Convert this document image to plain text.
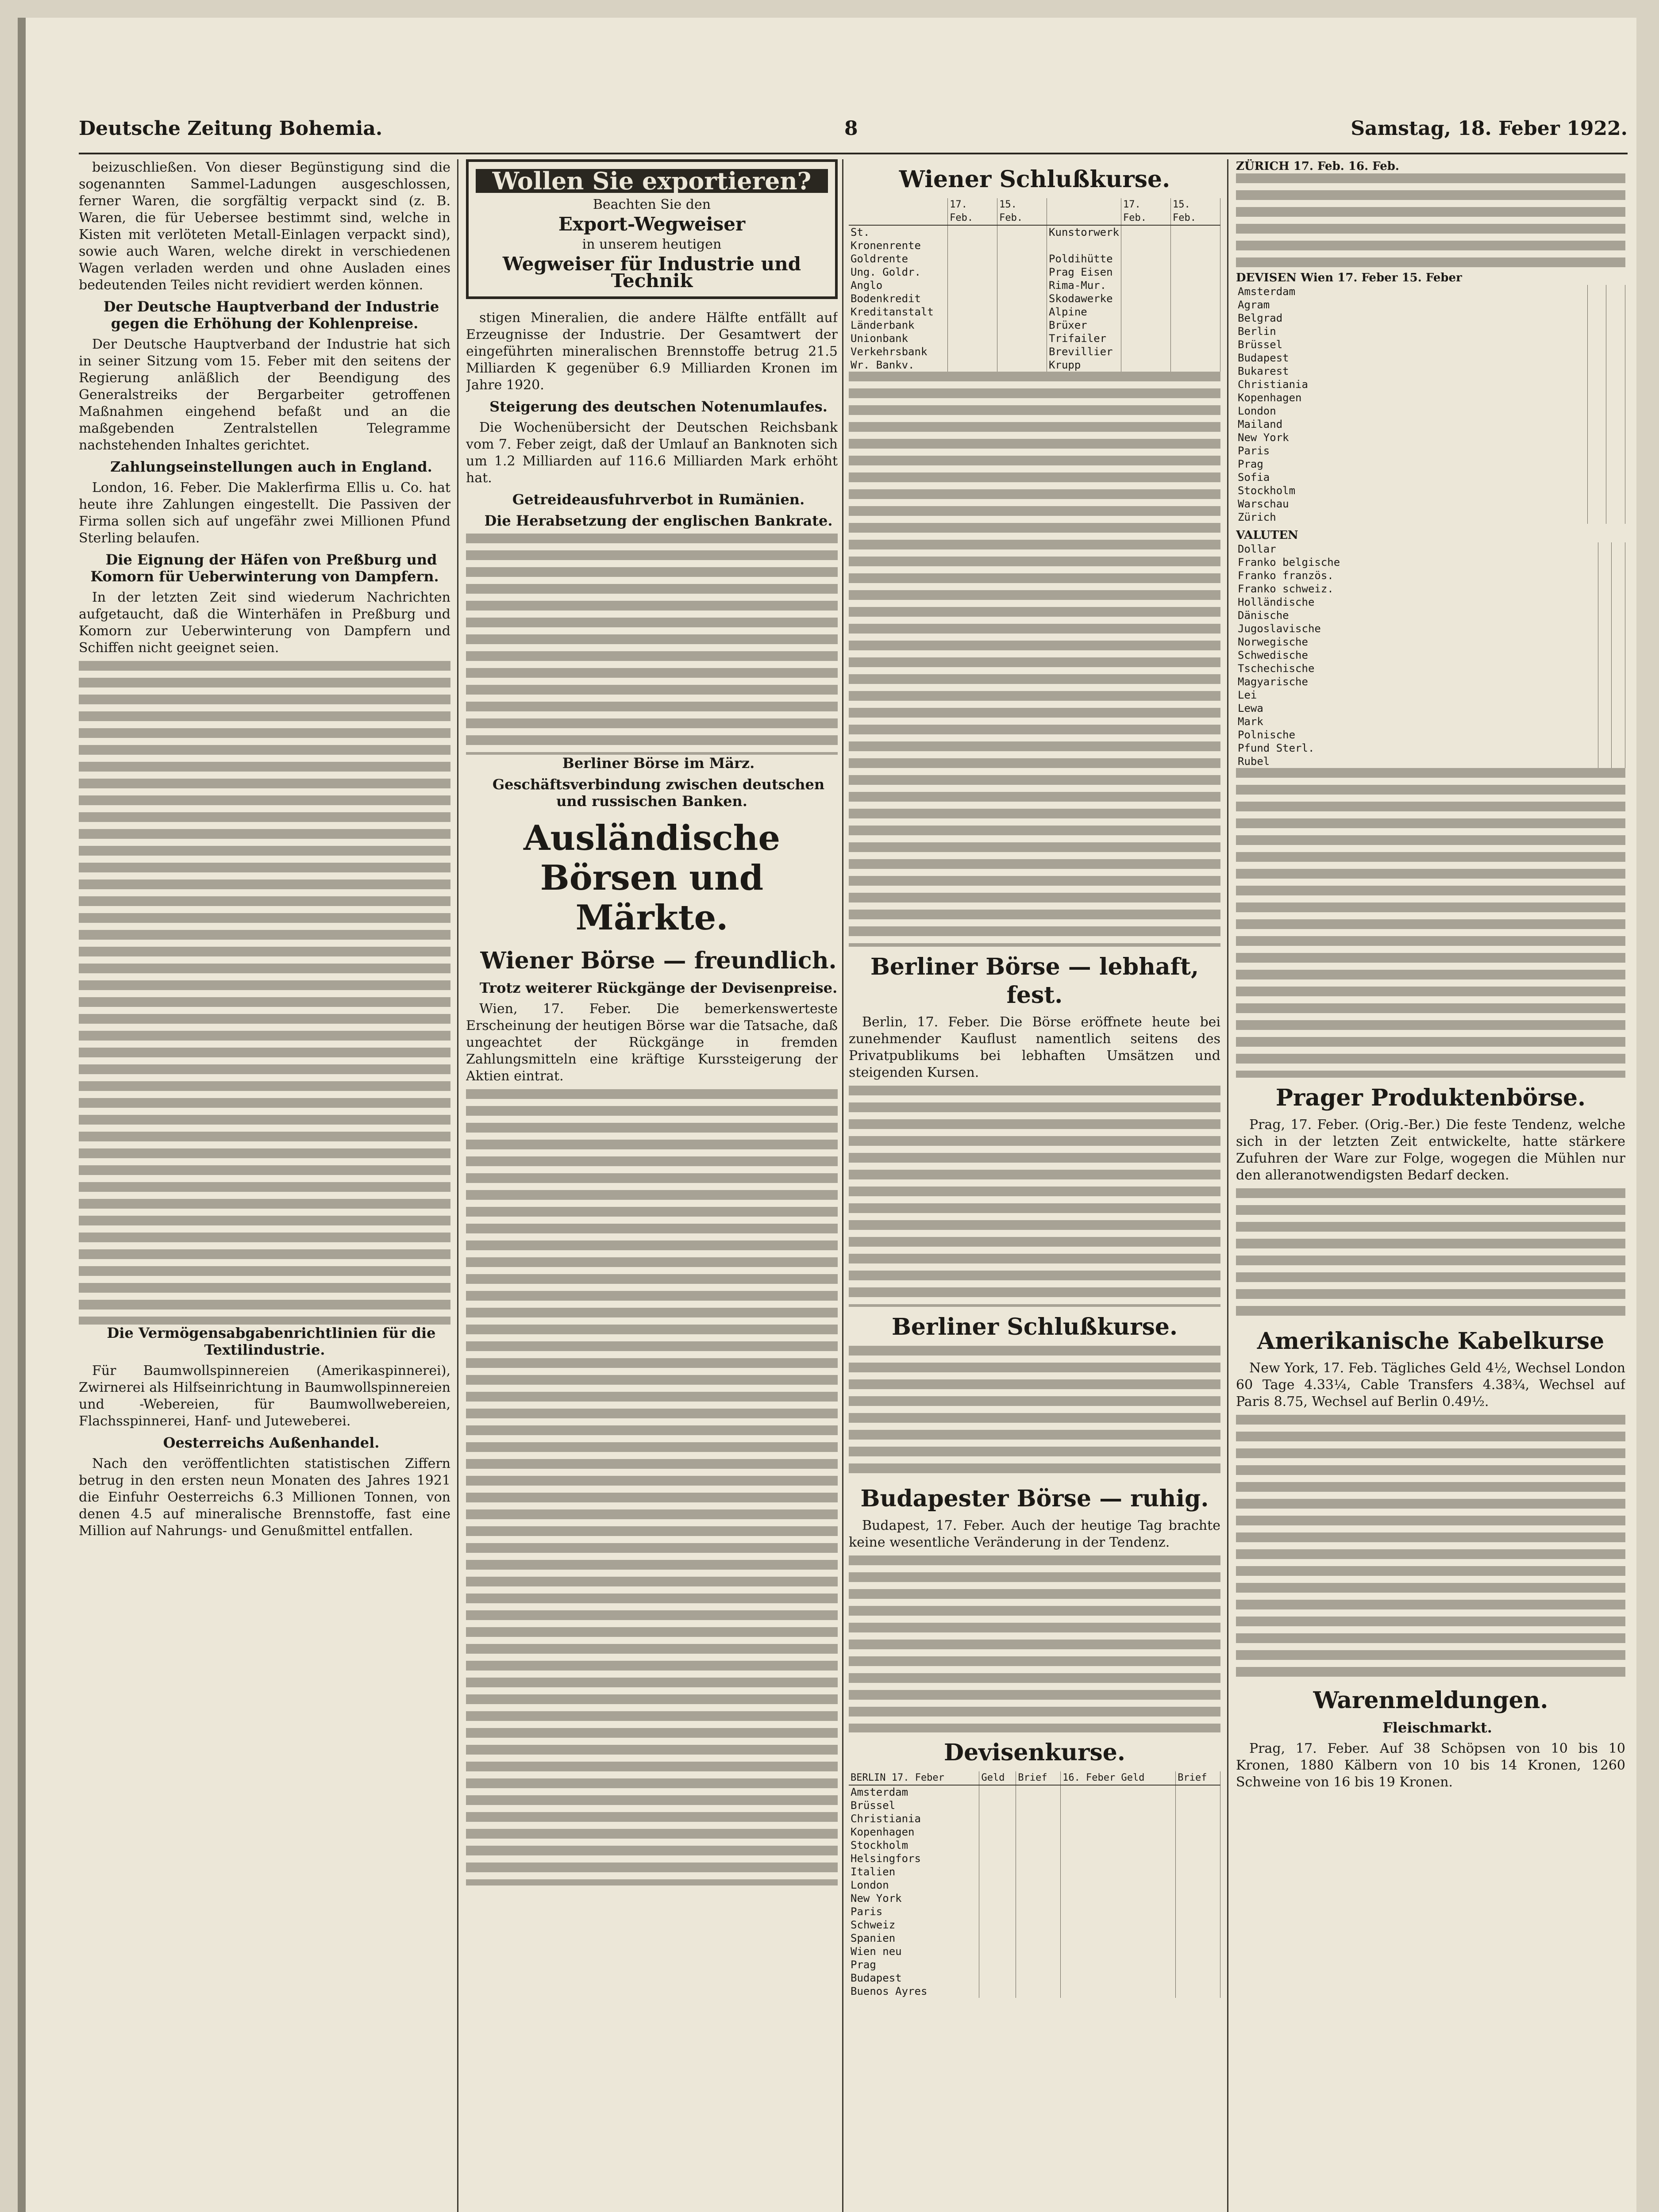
Deutsche Zeitung Bohemia.	8	Samstag, 18. Feber 1922.

beizuschließen. Von dieser Begünstigung sind die sogenannten Sammel-Ladungen ausgeschlossen, ferner Waren, die sorgfältig verpackt sind (z. B. Waren, die für Uebersee bestimmt sind, welche in Kisten mit verlöteten Metall-Einlagen verpackt sind), sowie auch Waren, welche direkt in verschiedenen Wagen verladen werden und ohne Ausladen eines bedeutenden Teiles nicht revidiert werden können.

Der Deutsche Hauptverband der Industrie gegen die Erhöhung der Kohlenpreise.

Der Deutsche Hauptverband der Industrie hat sich in seiner Sitzung vom 15. Feber mit den seitens der Regierung anläßlich der Beendigung des Generalstreiks der Bergarbeiter getroffenen Maßnahmen eingehend befaßt und an die maßgebenden Zentralstellen Telegramme nachstehenden Inhaltes gerichtet.

Zahlungseinstellungen auch in England.

London, 16. Feber. Die Maklerfirma Ellis u. Co. hat heute ihre Zahlungen eingestellt. Die Passiven der Firma sollen sich auf ungefähr zwei Millionen Pfund Sterling belaufen.

Die Eignung der Häfen von Preßburg und Komorn für Ueberwinterung von Dampfern.

In der letzten Zeit sind wiederum Nachrichten aufgetaucht, daß die Winterhäfen in Preßburg und Komorn zur Ueberwinterung von Dampfern und Schiffen nicht geeignet seien.

Die Vermögensabgabenrichtlinien für die Textilindustrie.

Für Baumwollspinnereien (Amerikaspinnerei), Zwirnerei als Hilfseinrichtung in Baumwollspinnereien und -Webereien, für Baumwollwebereien, Flachsspinnerei, Hanf- und Juteweberei.

Oesterreichs Außenhandel.

Nach den veröffentlichten statistischen Ziffern betrug in den ersten neun Monaten des Jahres 1921 die Einfuhr Oesterreichs 6.3 Millionen Tonnen, von denen 4.5 auf mineralische Brennstoffe, fast eine Million auf Nahrungs- und Genußmittel entfallen.

Wollen Sie exportieren?
Beachten Sie den
Export-Wegweiser
in unserem heutigen
Wegweiser für Industrie und Technik

stigen Mineralien, die andere Hälfte entfällt auf Erzeugnisse der Industrie. Der Gesamtwert der eingeführten mineralischen Brennstoffe betrug 21.5 Milliarden K gegenüber 6.9 Milliarden Kronen im Jahre 1920.

Steigerung des deutschen Notenumlaufes.

Die Wochenübersicht der Deutschen Reichsbank vom 7. Feber zeigt, daß der Umlauf an Banknoten sich um 1.2 Milliarden auf 116.6 Milliarden Mark erhöht hat.

Getreideausfuhrverbot in Rumänien.

Die Herabsetzung der englischen Bankrate.

Berliner Börse im März.

Geschäftsverbindung zwischen deutschen und russischen Banken.

Ausländische Börsen und Märkte.

Wiener Börse — freundlich.

Trotz weiterer Rückgänge der Devisenpreise.

Wien, 17. Feber. Die bemerkenswerteste Erscheinung der heutigen Börse war die Tatsache, daß ungeachtet der Rückgänge in fremden Zahlungsmitteln eine kräftige Kurssteigerung der Aktien eintrat.

Wiener Schlußkurse.
	17. Feb.	15. Feb.		17. Feb.	15. Feb.
St. Kronenrente			Kunstorwerk		
Goldrente			Poldihütte		
Ung. Goldr.			Prag Eisen		
Anglo			Rima-Mur.		
Bodenkredit			Skodawerke		
Kreditanstalt			Alpine		
Länderbank			Brüxer		
Unionbank			Trifailer		
Verkehrsbank			Brevillier		
Wr. Bankv.			Krupp		
Berliner Börse — lebhaft, fest.

Berlin, 17. Feber. Die Börse eröffnete heute bei zunehmender Kauflust namentlich seitens des Privatpublikums bei lebhaften Umsätzen und steigenden Kursen.

Berliner Schlußkurse.
Budapester Börse — ruhig.

Budapest, 17. Feber. Auch der heutige Tag brachte keine wesentliche Veränderung in der Tendenz.

Devisenkurse.
BERLIN 17. Feber	Geld	Brief	16. Feber Geld	Brief
Amsterdam				
Brüssel				
Christiania				
Kopenhagen				
Stockholm				
Helsingfors				
Italien				
London				
New York				
Paris				
Schweiz				
Spanien				
Wien neu				
Prag				
Budapest				
Buenos Ayres				
ZÜRICH 17. Feb. 16. Feb.
DEVISEN Wien 17. Feber 15. Feber
Amsterdam		
Agram		
Belgrad		
Berlin		
Brüssel		
Budapest		
Bukarest		
Christiania		
Kopenhagen		
London		
Mailand		
New York		
Paris		
Prag		
Sofia		
Stockholm		
Warschau		
Zürich		
VALUTEN
Dollar		
Franko belgische		
Franko französ.		
Franko schweiz.		
Holländische		
Dänische		
Jugoslavische		
Norwegische		
Schwedische		
Tschechische		
Magyarische		
Lei		
Lewa		
Mark		
Polnische		
Pfund Sterl.		
Rubel		
Prager Produktenbörse.

Prag, 17. Feber. (Orig.-Ber.) Die feste Tendenz, welche sich in der letzten Zeit entwickelte, hatte stärkere Zufuhren der Ware zur Folge, wogegen die Mühlen nur den alleranotwendigsten Bedarf decken.

Amerikanische Kabelkurse

New York, 17. Feb. Tägliches Geld 4½, Wechsel London 60 Tage 4.33¼, Cable Transfers 4.38¾, Wechsel auf Paris 8.75, Wechsel auf Berlin 0.49½.

Warenmeldungen.

Fleischmarkt.

Prag, 17. Feber. Auf 38 Schöpsen von 10 bis 10 Kronen, 1880 Kälbern von 10 bis 14 Kronen, 1260 Schweine von 16 bis 19 Kronen.
